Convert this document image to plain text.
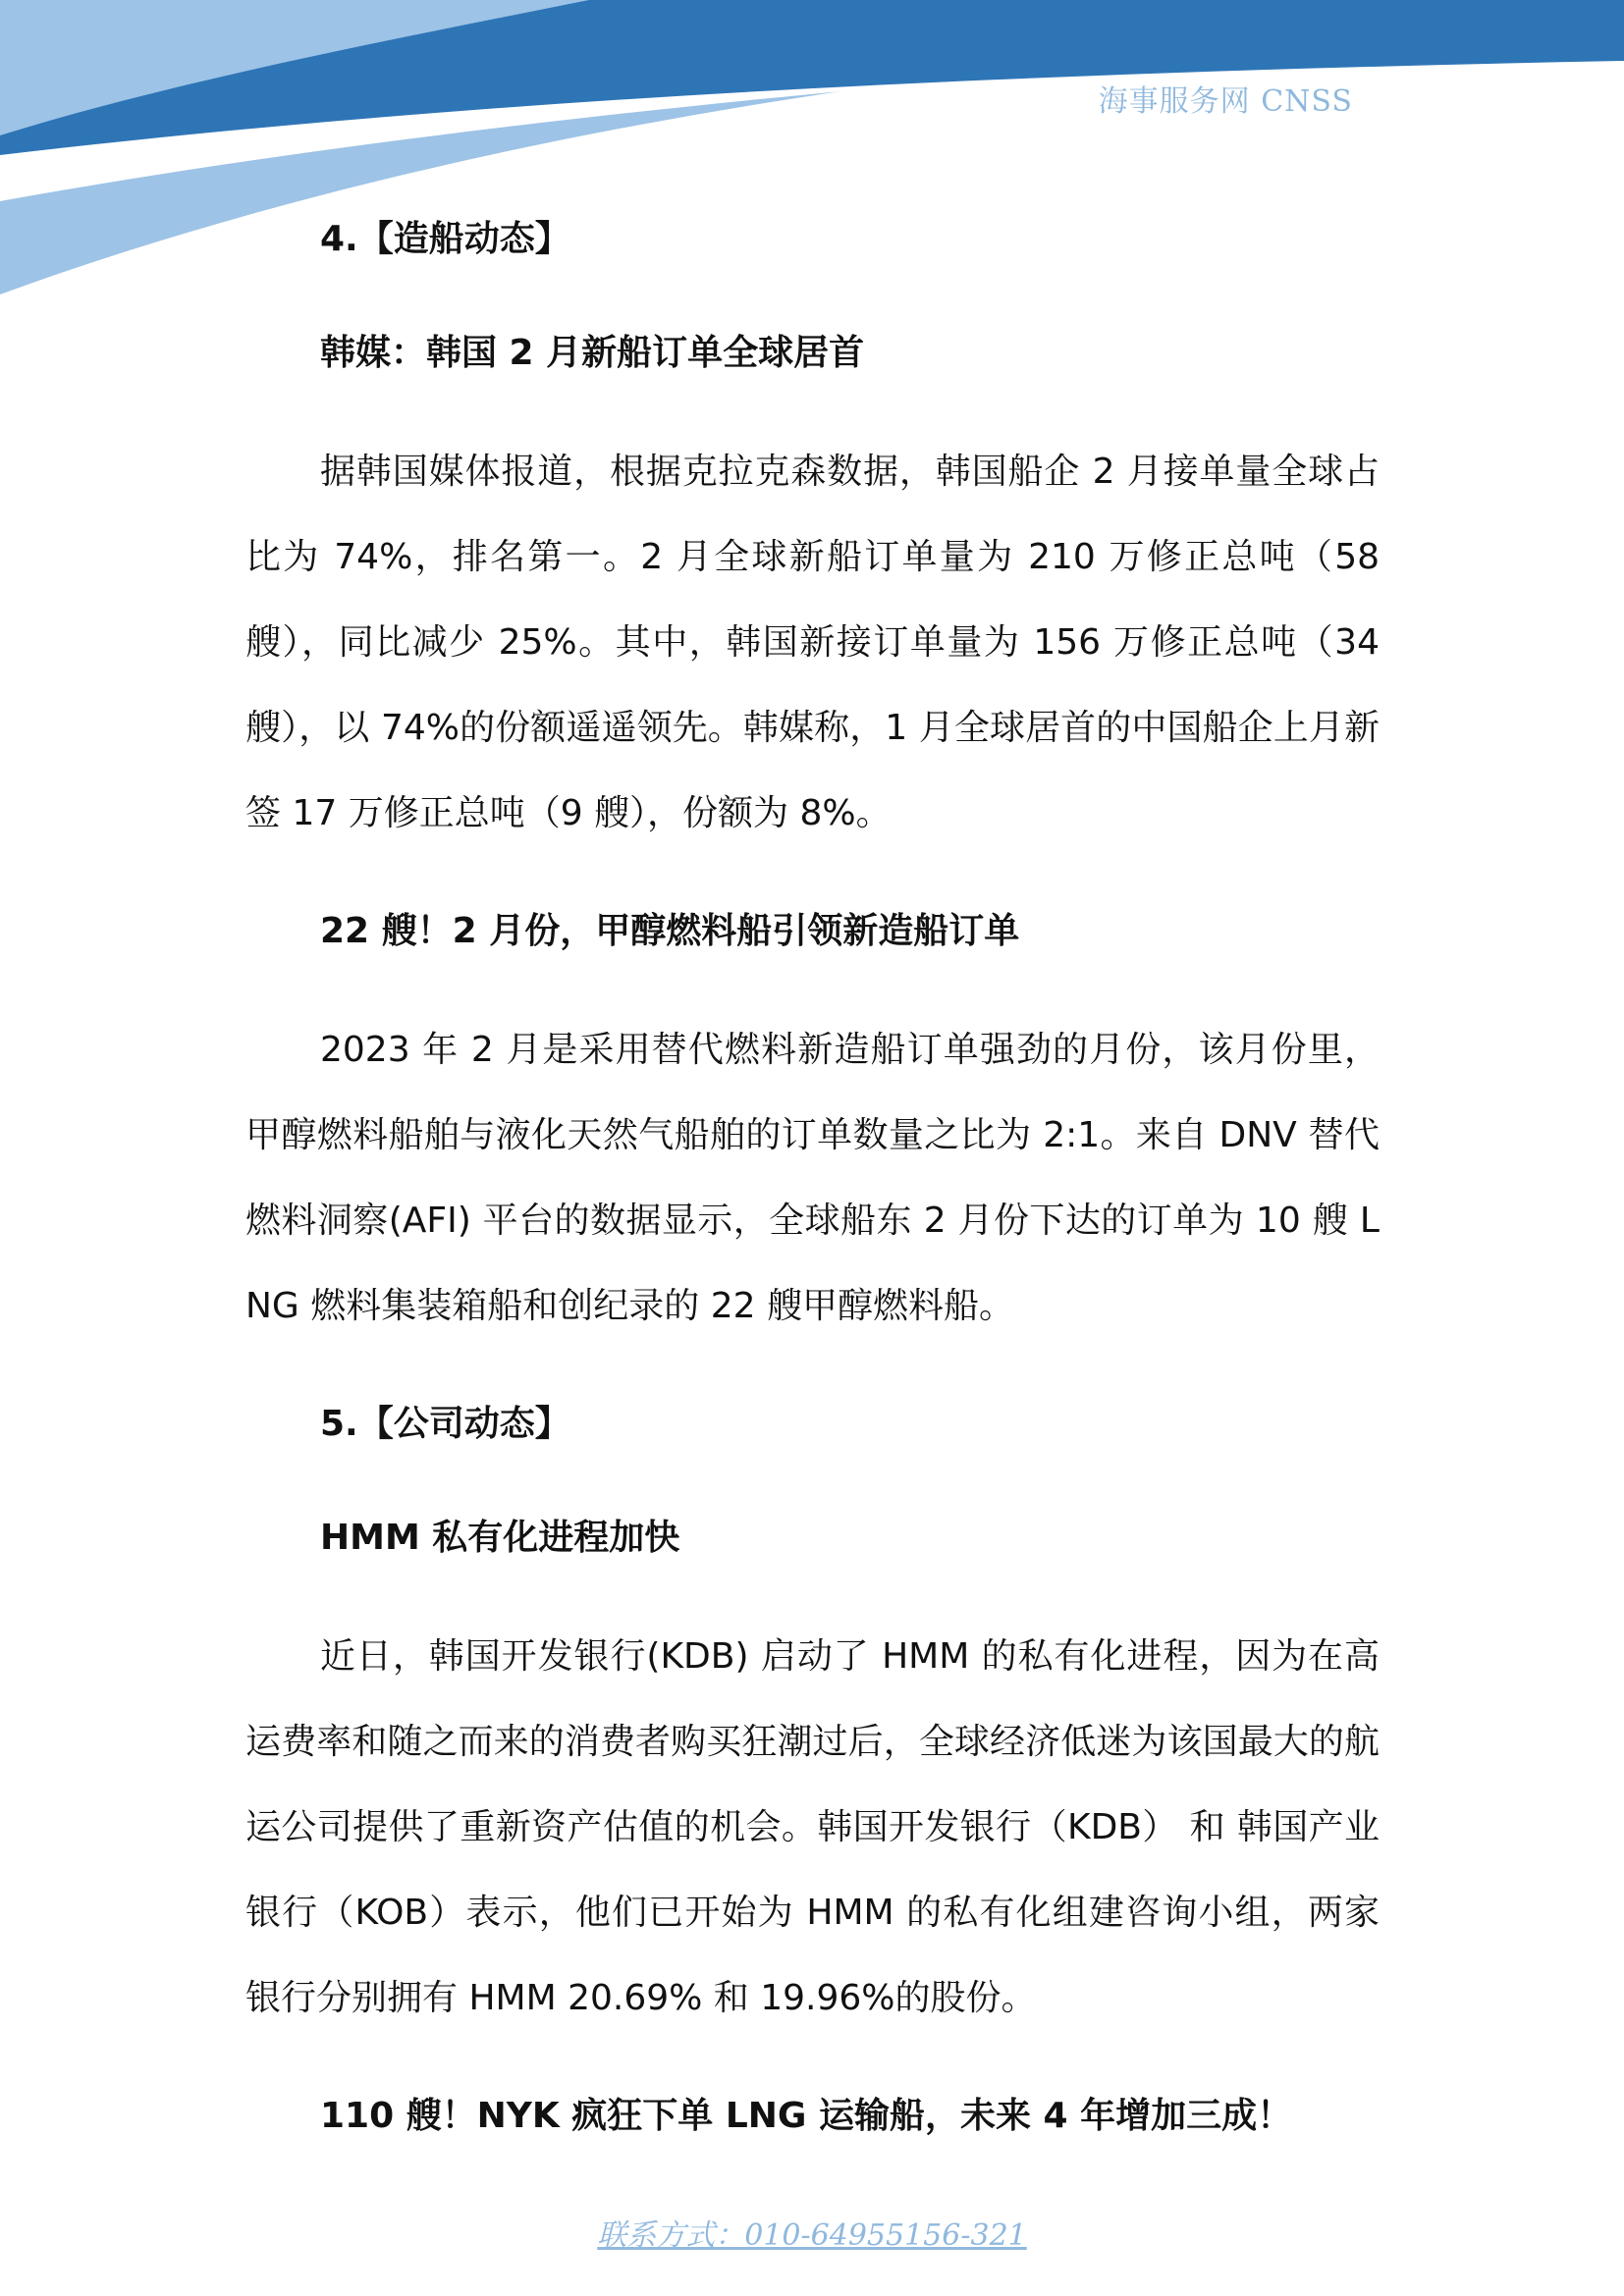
海事服务网 CNSS
4.【造船动态】
韩媒：韩国 2 月新船订单全球居首

据韩国媒体报道，根据克拉克森数据，韩国船企 2 月接单量全球占比为 74%，排名第一。2 月全球新船订单量为 210 万修正总吨（58 艘），同比减少 25%。其中，韩国新接订单量为 156 万修正总吨（34 艘），以 74%的份额遥遥领先。韩媒称，1 月全球居首的中国船企上月新签 17 万修正总吨（9 艘），份额为 8%。

22 艘！2 月份，甲醇燃料船引领新造船订单

2023 年 2 月是采用替代燃料新造船订单强劲的月份，该月份里，甲醇燃料船舶与液化天然气船舶的订单数量之比为 2:1。来自 DNV 替代燃料洞察(AFI) 平台的数据显示，全球船东 2 月份下达的订单为 10 艘 LNG 燃料集装箱船和创纪录的 22 艘甲醇燃料船。

5.【公司动态】
HMM 私有化进程加快

近日，韩国开发银行(KDB) 启动了 HMM 的私有化进程，因为在高运费率和随之而来的消费者购买狂潮过后，全球经济低迷为该国最大的航运公司提供了重新资产估值的机会。韩国开发银行（KDB） 和 韩国产业银行（KOB）表示，他们已开始为 HMM 的私有化组建咨询小组，两家银行分别拥有 HMM 20.69% 和 19.96%的股份。

110 艘！NYK 疯狂下单 LNG 运输船，未来 4 年增加三成！
联系方式：010-64955156-321
